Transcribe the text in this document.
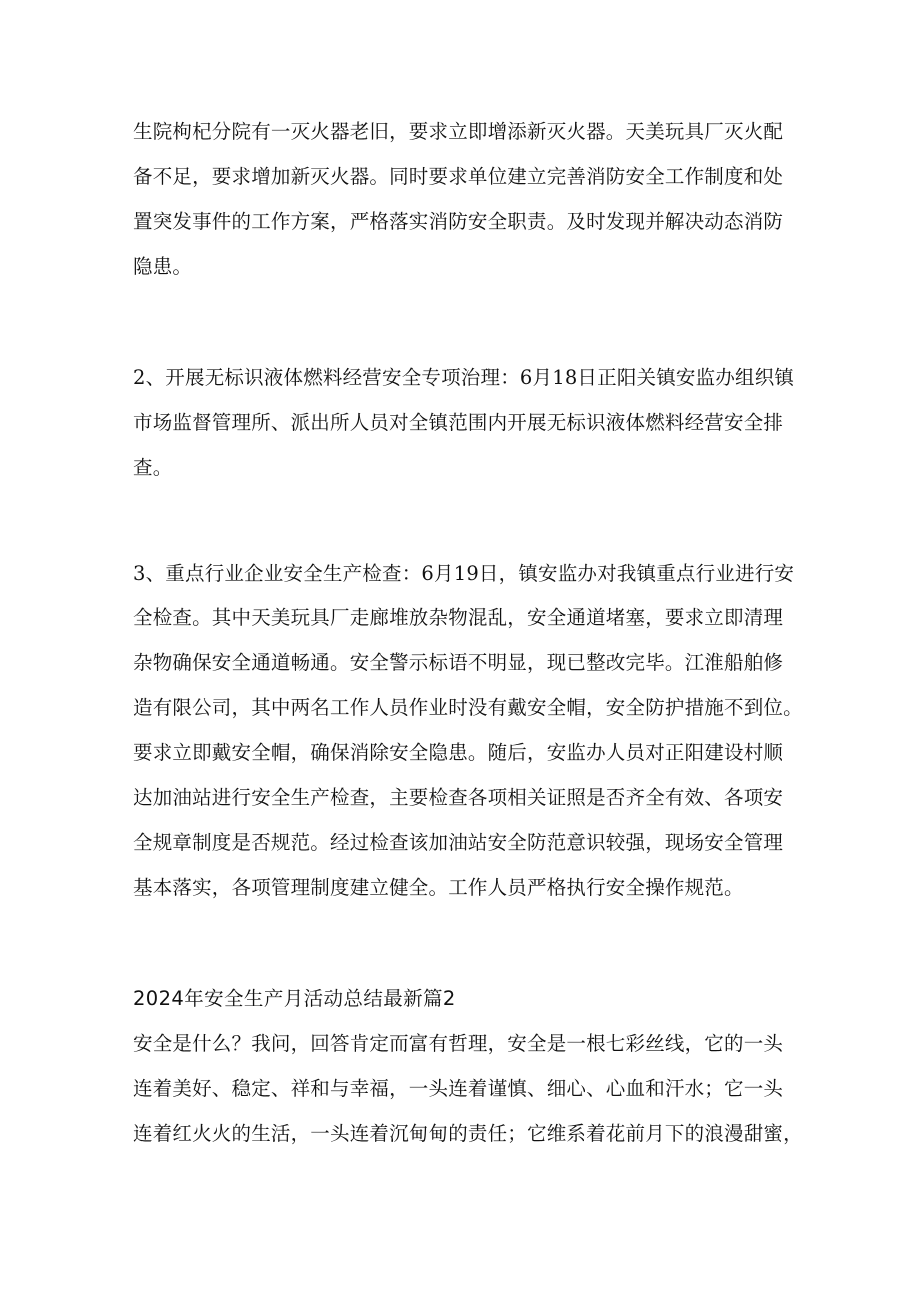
生院枸杞分院有一灭火器老旧，要求立即增添新灭火器。天美玩具厂灭火配
备不足，要求增加新灭火器。同时要求单位建立完善消防安全工作制度和处
置突发事件的工作方案，严格落实消防安全职责。及时发现并解决动态消防
隐患。
2、开展无标识液体燃料经营安全专项治理：6月18日正阳关镇安监办组织镇
市场监督管理所、派出所人员对全镇范围内开展无标识液体燃料经营安全排
查。
3、重点行业企业安全生产检查：6月19日，镇安监办对我镇重点行业进行安
全检查。其中天美玩具厂走廊堆放杂物混乱，安全通道堵塞，要求立即清理
杂物确保安全通道畅通。安全警示标语不明显，现已整改完毕。江淮船舶修
造有限公司，其中两名工作人员作业时没有戴安全帽，安全防护措施不到位。
要求立即戴安全帽，确保消除安全隐患。随后，安监办人员对正阳建设村顺
达加油站进行安全生产检查，主要检查各项相关证照是否齐全有效、各项安
全规章制度是否规范。经过检查该加油站安全防范意识较强，现场安全管理
基本落实，各项管理制度建立健全。工作人员严格执行安全操作规范。
2024年安全生产月活动总结最新篇2
安全是什么？我问，回答肯定而富有哲理，安全是一根七彩丝线，它的一头
连着美好、稳定、祥和与幸福，一头连着谨慎、细心、心血和汗水；它一头
连着红火火的生活，一头连着沉甸甸的责任；它维系着花前月下的浪漫甜蜜，
